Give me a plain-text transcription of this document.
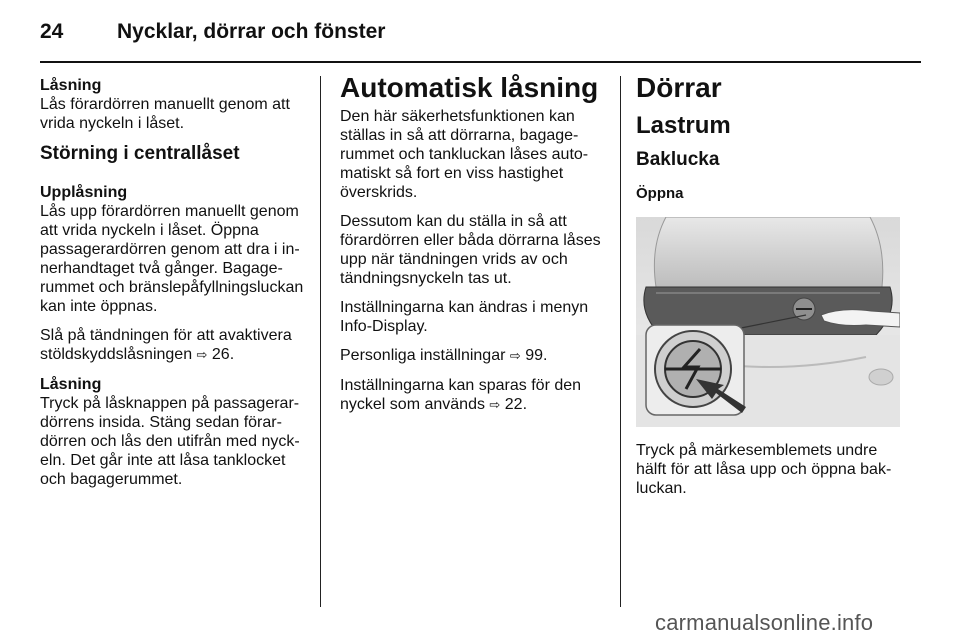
24	Nycklar, dörrar och fönster
Låsning

Lås förardörren manuellt genom att vrida nyckeln i låset.

Störning i centrallåset
Upplåsning

Lås upp förardörren manuellt genom att vrida nyckeln i låset. Öppna passagerardörren genom att dra i innerhandtaget två gånger. Bagagerummet och bränslepåfyllningsluckan kan inte öppnas.

Slå på tändningen för att avaktivera stöldskyddslåsningen ⇨ 26.

Låsning

Tryck på låsknappen på passagerardörrens insida. Stäng sedan förardörren och lås den utifrån med nyckeln. Det går inte att låsa tanklocket och bagagerummet.

Automatisk låsning

Den här säkerhetsfunktionen kan ställas in så att dörrarna, bagagerummet och tankluckan låses automatiskt så fort en viss hastighet överskrids.

Dessutom kan du ställa in så att förardörren eller båda dörrarna låses upp när tändningen vrids av och tändningsnyckeln tas ut.

Inställningarna kan ändras i menyn Info-Display.

Personliga inställningar ⇨ 99.

Inställningarna kan sparas för den nyckel som används ⇨ 22.

Dörrar
Lastrum
Baklucka
Öppna

Tryck på märkesemblemets undre hälft för att låsa upp och öppna bakluckan.

carmanualsonline.info
